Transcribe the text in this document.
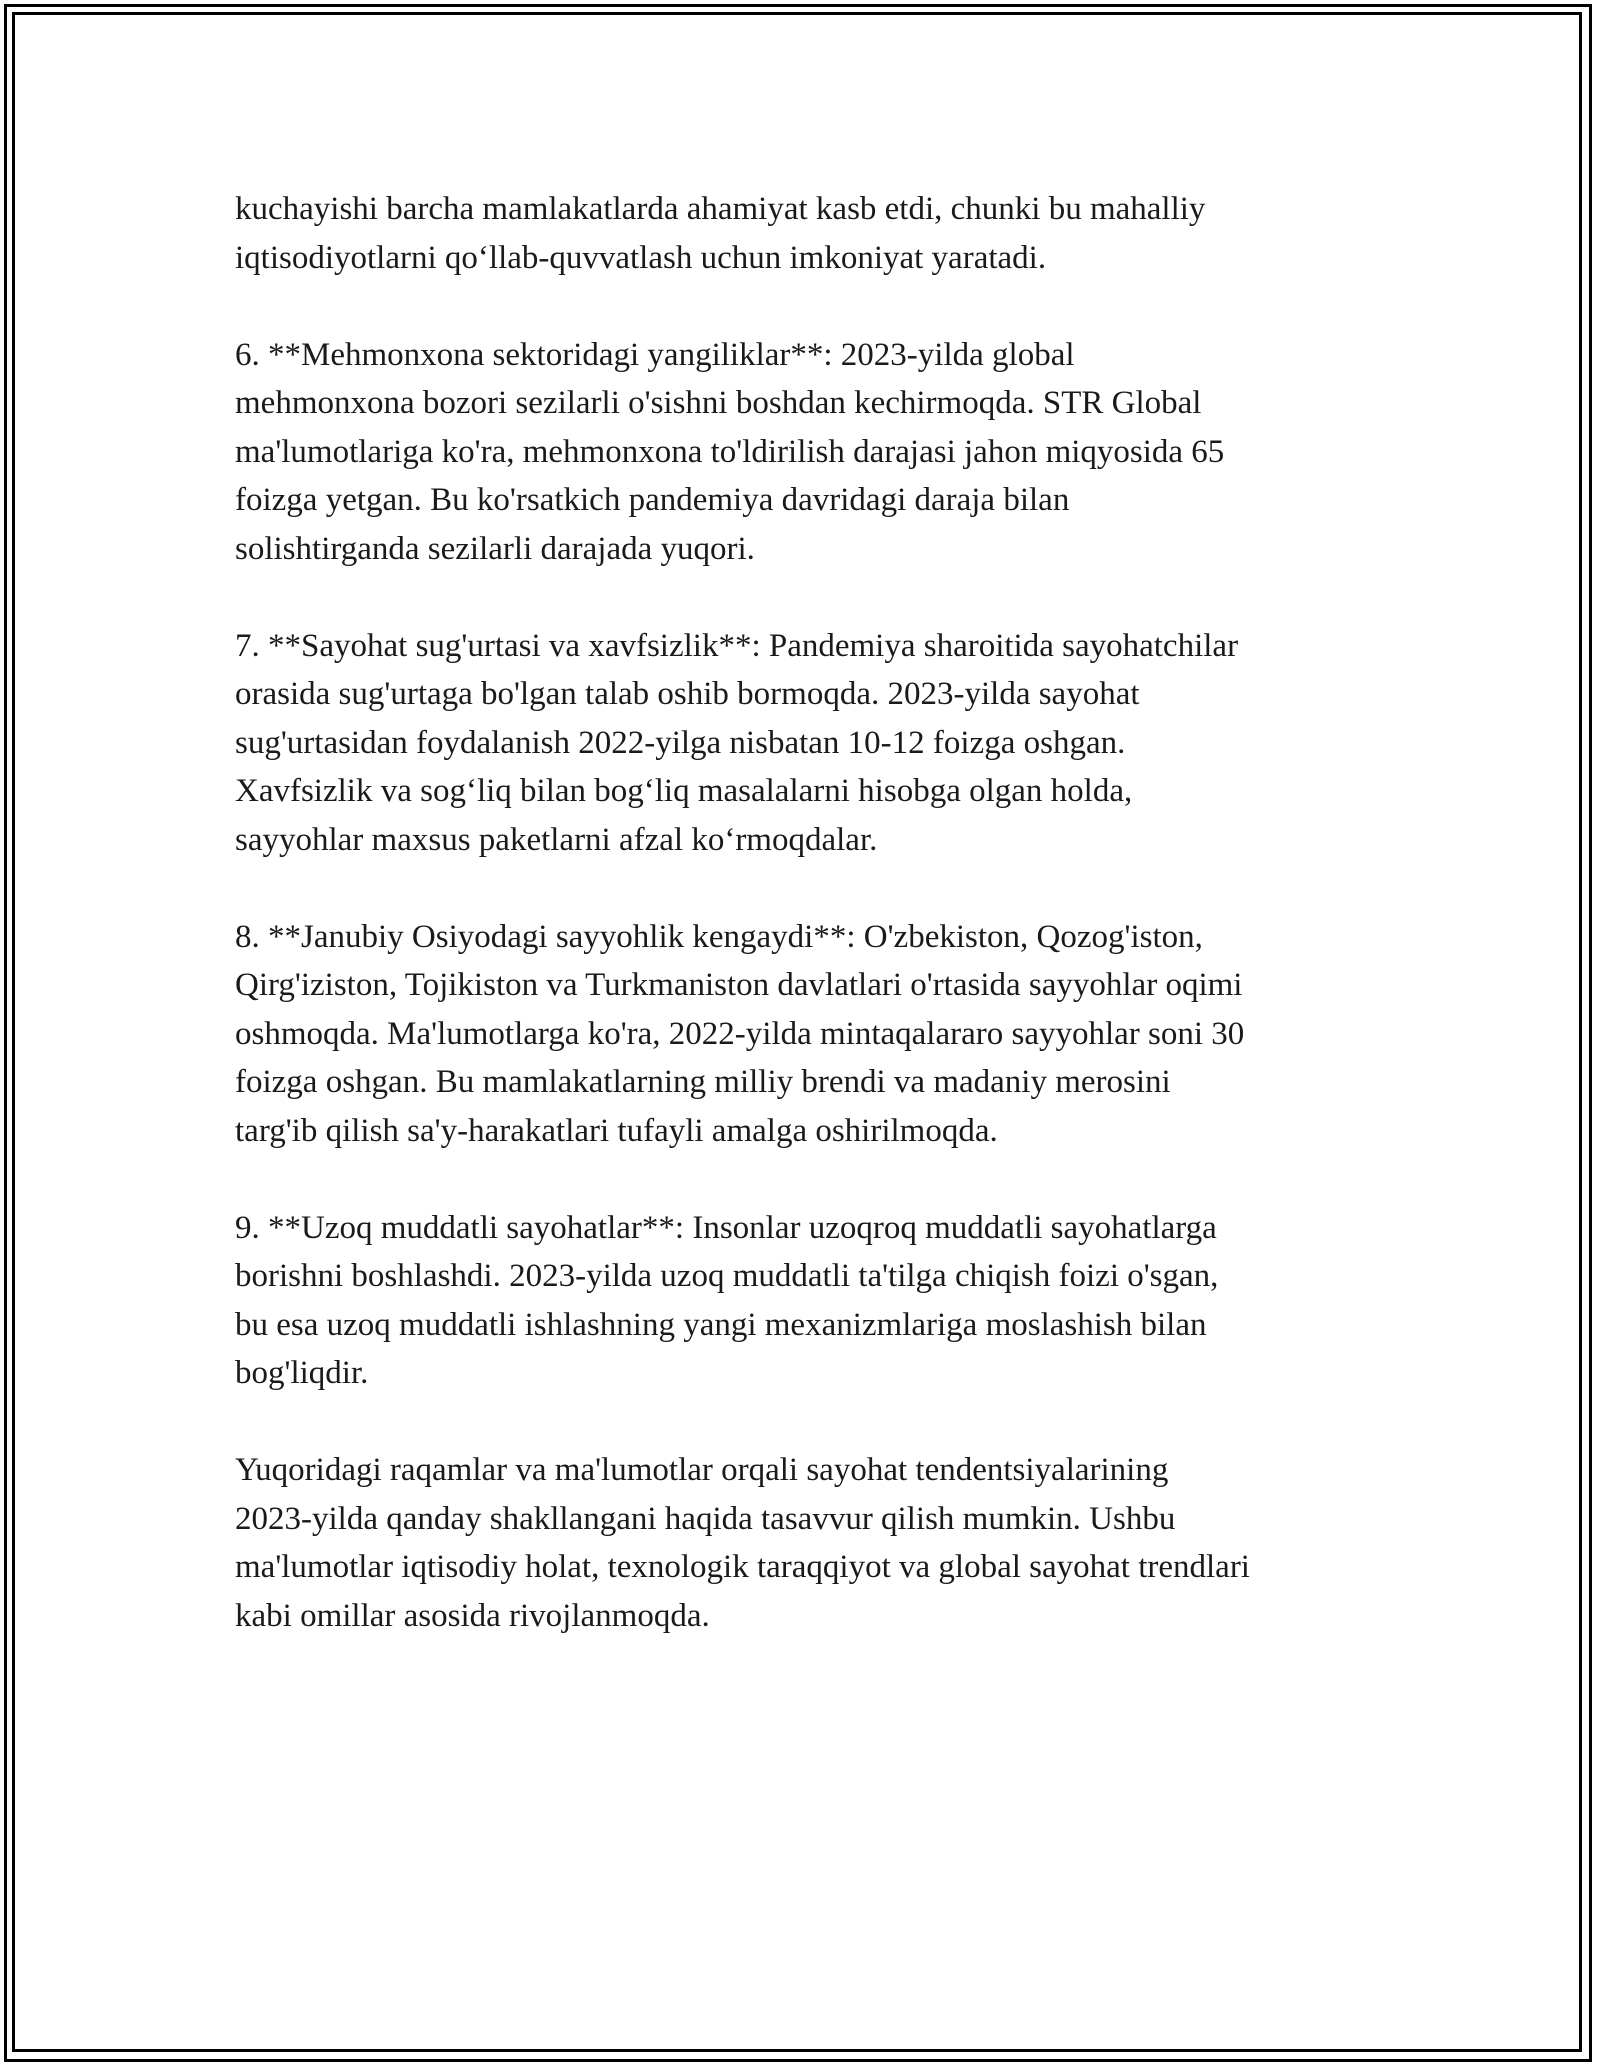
kuchayishi barcha mamlakatlarda ahamiyat kasb etdi, chunki bu mahalliy
iqtisodiyotlarni qo‘llab-quvvatlash uchun imkoniyat yaratadi.

6. **Mehmonxona sektoridagi yangiliklar**: 2023-yilda global
mehmonxona bozori sezilarli o'sishni boshdan kechirmoqda. STR Global
ma'lumotlariga ko'ra, mehmonxona to'ldirilish darajasi jahon miqyosida 65
foizga yetgan. Bu ko'rsatkich pandemiya davridagi daraja bilan
solishtirganda sezilarli darajada yuqori.

7. **Sayohat sug'urtasi va xavfsizlik**: Pandemiya sharoitida sayohatchilar
orasida sug'urtaga bo'lgan talab oshib bormoqda. 2023-yilda sayohat
sug'urtasidan foydalanish 2022-yilga nisbatan 10-12 foizga oshgan.
Xavfsizlik va sog‘liq bilan bog‘liq masalalarni hisobga olgan holda,
sayyohlar maxsus paketlarni afzal ko‘rmoqdalar.

8. **Janubiy Osiyodagi sayyohlik kengaydi**: O'zbekiston, Qozog'iston,
Qirg'iziston, Tojikiston va Turkmaniston davlatlari o'rtasida sayyohlar oqimi
oshmoqda. Ma'lumotlarga ko'ra, 2022-yilda mintaqalararo sayyohlar soni 30
foizga oshgan. Bu mamlakatlarning milliy brendi va madaniy merosini
targ'ib qilish sa'y-harakatlari tufayli amalga oshirilmoqda.

9. **Uzoq muddatli sayohatlar**: Insonlar uzoqroq muddatli sayohatlarga
borishni boshlashdi. 2023-yilda uzoq muddatli ta'tilga chiqish foizi o'sgan,
bu esa uzoq muddatli ishlashning yangi mexanizmlariga moslashish bilan
bog'liqdir.

Yuqoridagi raqamlar va ma'lumotlar orqali sayohat tendentsiyalarining
2023-yilda qanday shakllangani haqida tasavvur qilish mumkin. Ushbu
ma'lumotlar iqtisodiy holat, texnologik taraqqiyot va global sayohat trendlari
kabi omillar asosida rivojlanmoqda.
